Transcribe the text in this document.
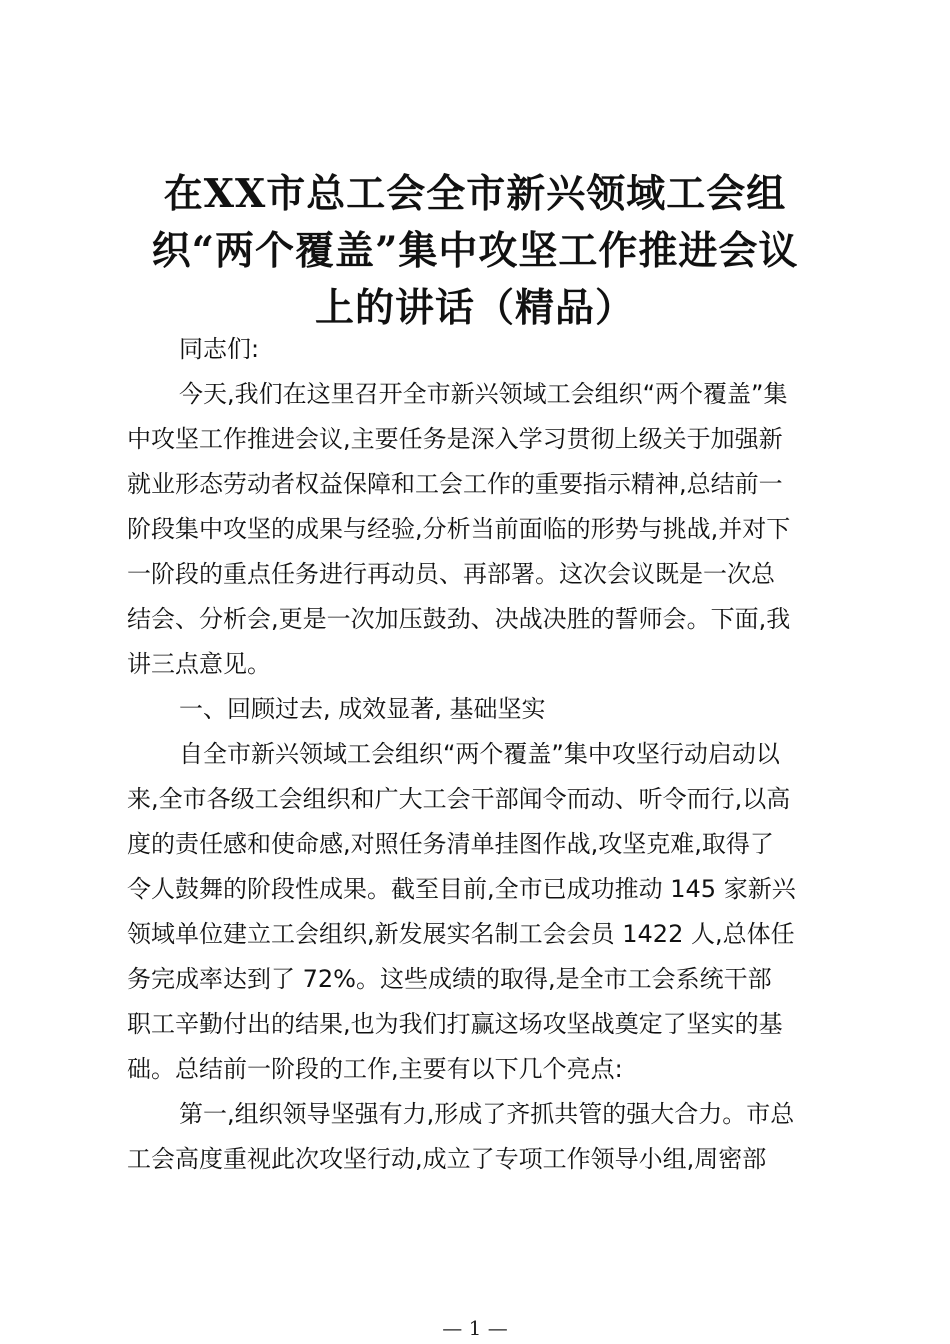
在XX市总工会全市新兴领域工会组
织“两个覆盖”集中攻坚工作推进会议
上的讲话（精品）
同志们:
今天,我们在这里召开全市新兴领域工会组织“两个覆盖”集
中攻坚工作推进会议,主要任务是深入学习贯彻上级关于加强新
就业形态劳动者权益保障和工会工作的重要指示精神,总结前一
阶段集中攻坚的成果与经验,分析当前面临的形势与挑战,并对下
一阶段的重点任务进行再动员、再部署。这次会议既是一次总
结会、分析会,更是一次加压鼓劲、决战决胜的誓师会。下面,我
讲三点意见。
一、回顾过去, 成效显著, 基础坚实
自全市新兴领域工会组织“两个覆盖”集中攻坚行动启动以
来,全市各级工会组织和广大工会干部闻令而动、听令而行,以高
度的责任感和使命感,对照任务清单挂图作战,攻坚克难,取得了
令人鼓舞的阶段性成果。截至目前,全市已成功推动 145 家新兴
领域单位建立工会组织,新发展实名制工会会员 1422 人,总体任
务完成率达到了 72%。这些成绩的取得,是全市工会系统干部
职工辛勤付出的结果,也为我们打赢这场攻坚战奠定了坚实的基
础。总结前一阶段的工作,主要有以下几个亮点:
第一,组织领导坚强有力,形成了齐抓共管的强大合力。市总
工会高度重视此次攻坚行动,成立了专项工作领导小组,周密部
— 1 —
